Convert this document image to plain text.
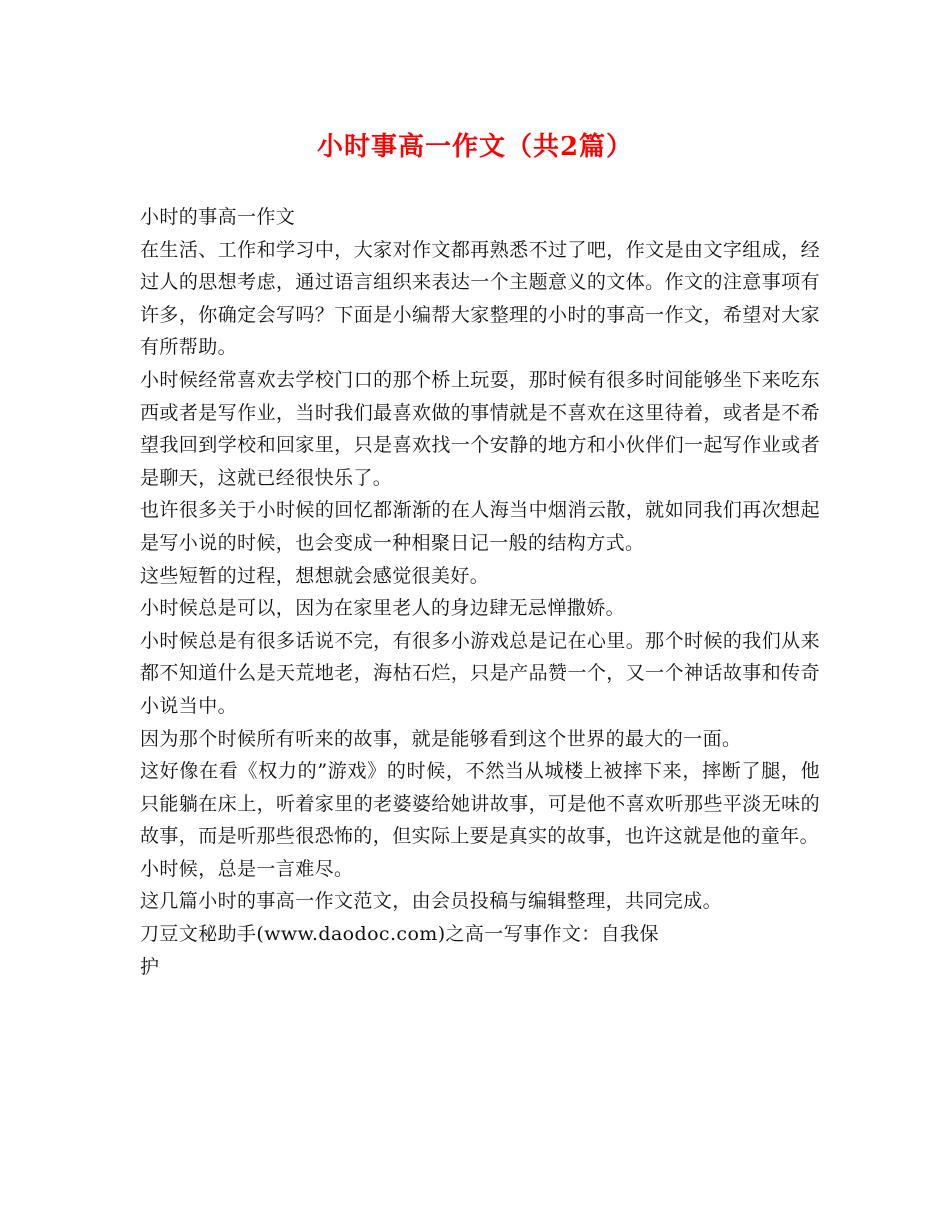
小时事高一作文（共2篇）

小时的事高一作文

在生活、工作和学习中，大家对作文都再熟悉不过了吧，作文是由文字组成，经过人的思想考虑，通过语言组织来表达一个主题意义的文体。作文的注意事项有许多，你确定会写吗？下面是小编帮大家整理的小时的事高一作文，希望对大家有所帮助。

小时候经常喜欢去学校门口的那个桥上玩耍，那时候有很多时间能够坐下来吃东西或者是写作业，当时我们最喜欢做的事情就是不喜欢在这里待着，或者是不希望我回到学校和回家里，只是喜欢找一个安静的地方和小伙伴们一起写作业或者是聊天，这就已经很快乐了。

也许很多关于小时候的回忆都渐渐的在人海当中烟消云散，就如同我们再次想起是写小说的时候，也会变成一种相聚日记一般的结构方式。

这些短暂的过程，想想就会感觉很美好。

小时候总是可以，因为在家里老人的身边肆无忌惮撒娇。

小时候总是有很多话说不完，有很多小游戏总是记在心里。那个时候的我们从来都不知道什么是天荒地老，海枯石烂，只是产品赞一个，又一个神话故事和传奇小说当中。

因为那个时候所有听来的故事，就是能够看到这个世界的最大的一面。

这好像在看《权力的”游戏》的时候，不然当从城楼上被摔下来，摔断了腿，他只能躺在床上，听着家里的老婆婆给她讲故事，可是他不喜欢听那些平淡无味的故事，而是听那些很恐怖的，但实际上要是真实的故事，也许这就是他的童年。

小时候，总是一言难尽。

这几篇小时的事高一作文范文，由会员投稿与编辑整理，共同完成。

刀豆文秘助手(www.daodoc.com)之高一写事作文：自我保

护
